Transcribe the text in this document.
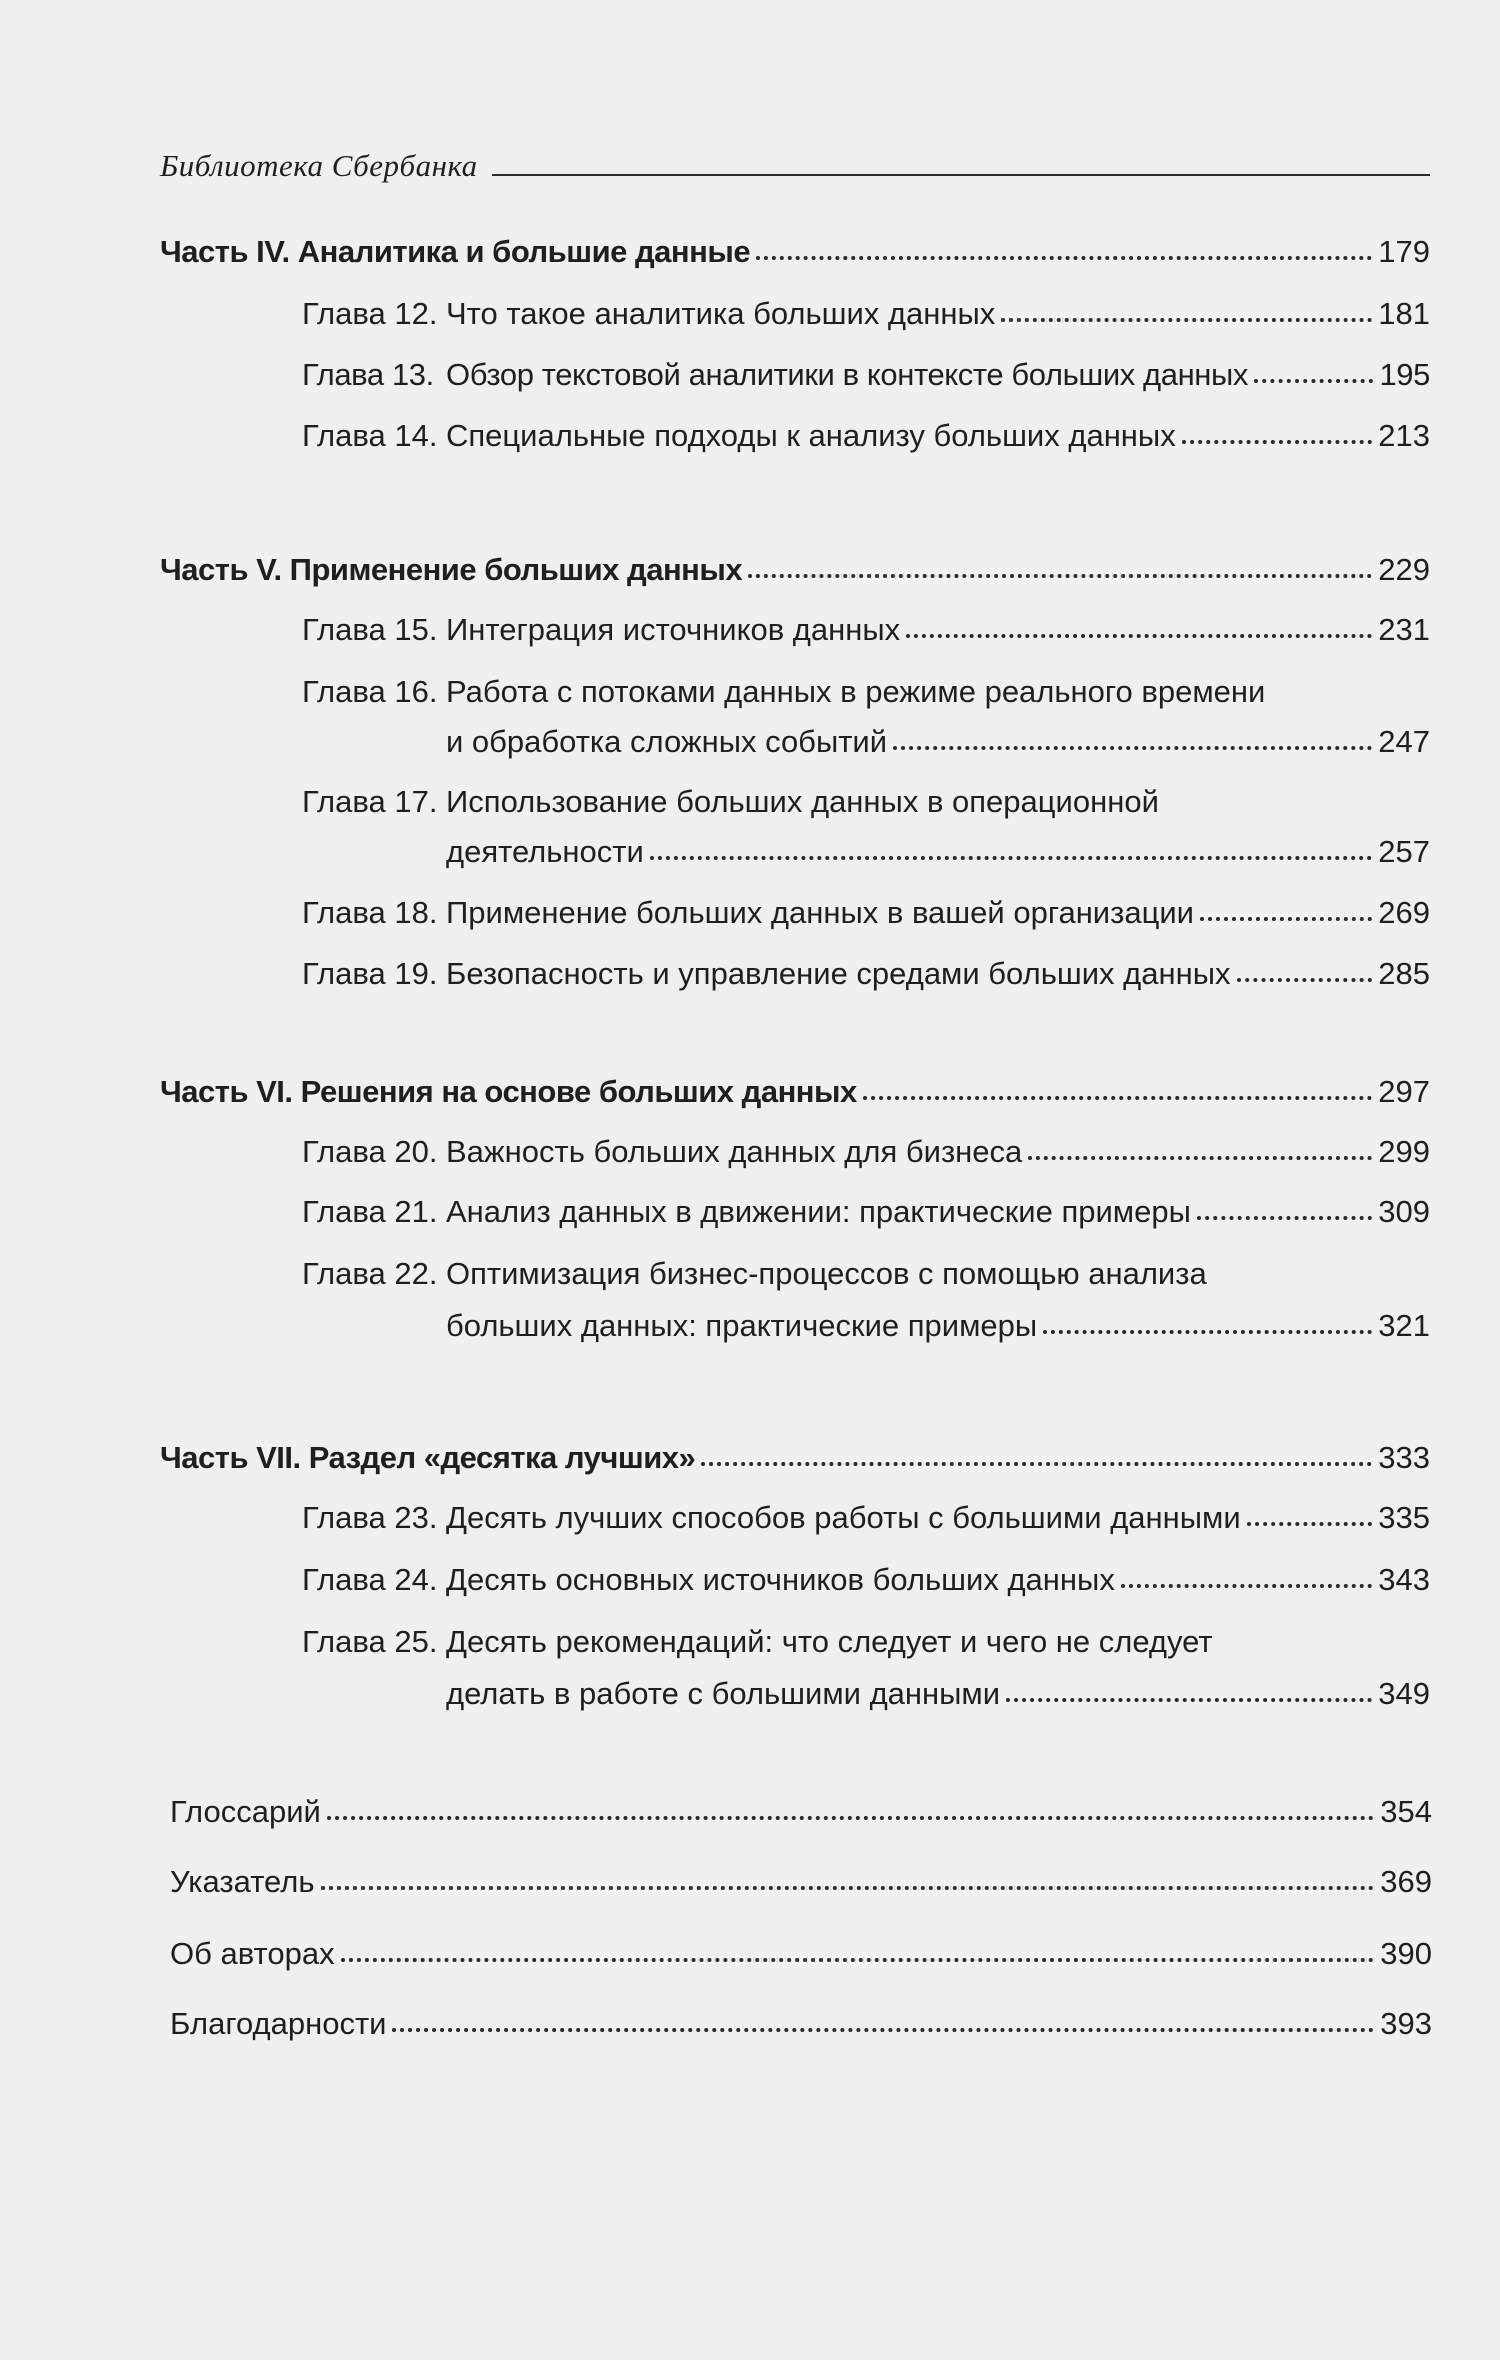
Библиотека Сбербанка
Часть IV. Аналитика и большие данные	179
Глава 12. Что такое аналитика больших данных	181
Глава 13. Обзор текстовой аналитики в контексте больших данных	195
Глава 14. Специальные подходы к анализу больших данных	213
Часть V. Применение больших данных	229
Глава 15. Интеграция источников данных	231
Глава 16. Работа с потоками данных в режиме реального времени
и обработка сложных событий	247
Глава 17. Использование больших данных в операционной
деятельности	257
Глава 18. Применение больших данных в вашей организации	269
Глава 19. Безопасность и управление средами больших данных	285
Часть VI. Решения на основе больших данных	297
Глава 20. Важность больших данных для бизнеса	299
Глава 21. Анализ данных в движении: практические примеры	309
Глава 22. Оптимизация бизнес-процессов с помощью анализа
больших данных: практические примеры	321
Часть VII. Раздел «десятка лучших»	333
Глава 23. Десять лучших способов работы с большими данными	335
Глава 24. Десять основных источников больших данных	343
Глава 25. Десять рекомендаций: что следует и чего не следует
делать в работе с большими данными	349
Глоссарий	354
Указатель	369
Об авторах	390
Благодарности	393
